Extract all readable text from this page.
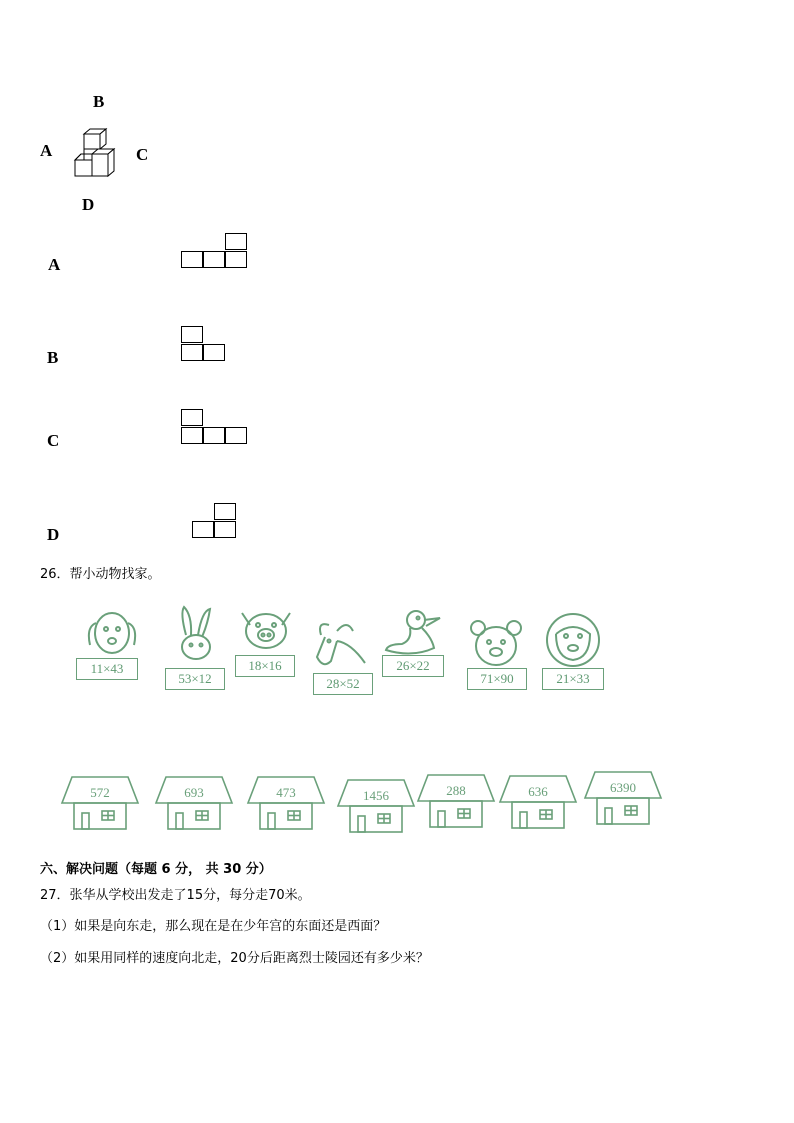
B
A	C
D
A
B
C
D
26．帮小动物找家。
11×43
53×12
18×16
28×52
26×22
71×90	21×33
572	693	473	1456	288	636	6390
六、解决问题（每题 6 分， 共 30 分）
27．张华从学校出发走了15分，每分走70米。
（1）如果是向东走，那么现在是在少年宫的东面还是西面？
（2）如果用同样的速度向北走，20分后距离烈士陵园还有多少米？
